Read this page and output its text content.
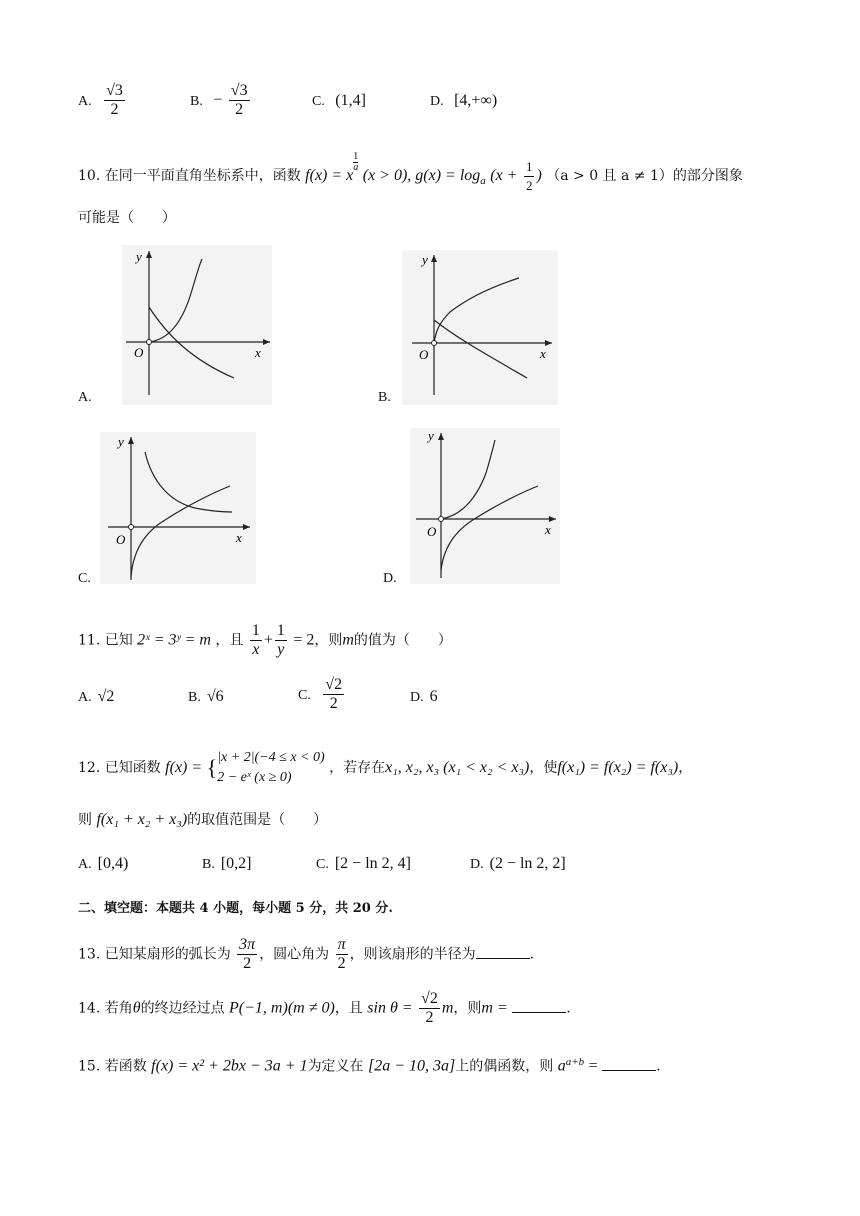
A. $\frac{√3}{2}$	B. − $\frac{√3}{2}$	C. (1,4]	D. [4,+∞)
10. 在同一平面直角坐标系中，函数 f(x) = x
$\frac{1}{a}$
(x > 0), $g(x) = \log_a (x + \frac{1}{2}$ ) （a > 0 且 a ≠ 1）的部分图象
可能是（　　）
y
x
O
A.
y
x
O
B.
y
x
O
C.
y
x
O
D.
11. 已知 2ˣ = 3ʸ = m ，且 $\frac{1}{x} + \frac{1}{y} = 2$，则m的值为（　　）
A. √2	B. √6	C. $\frac{√2}{2}$	D. 6
12. 已知函数 f(x) = { |x + 2|(−4 ≤ x < 0)
2 − eˣ (x ≥ 0)
，若存在x₁, x₂, x₃ (x₁ < x₂ < x₃)，使f(x₁) = f(x₂) = f(x₃)，
则 f(x₁ + x₂ + x₃)的取值范围是（　　）
A. [0,4)	B. [0,2]	C. [2 − ln 2, 4]	D. (2 − ln 2, 2]
二、填空题：本题共 4 小题，每小题 5 分，共 20 分.
13. 已知某扇形的弧长为 $\frac{3\pi}{2}$ ，圆心角为 $\frac{\pi}{2}$ ，则该扇形的半径为	.
14. 若角θ的终边经过点 P(−1, m)(m ≠ 0)，且 $\sin \theta = \frac{√2}{2}$ m，则m =	.
15. 若函数 f(x) = x² + 2bx − 3a + 1为定义在 [2a − 10, 3a]上的偶函数，则 $a^{a+b}$ =	.
